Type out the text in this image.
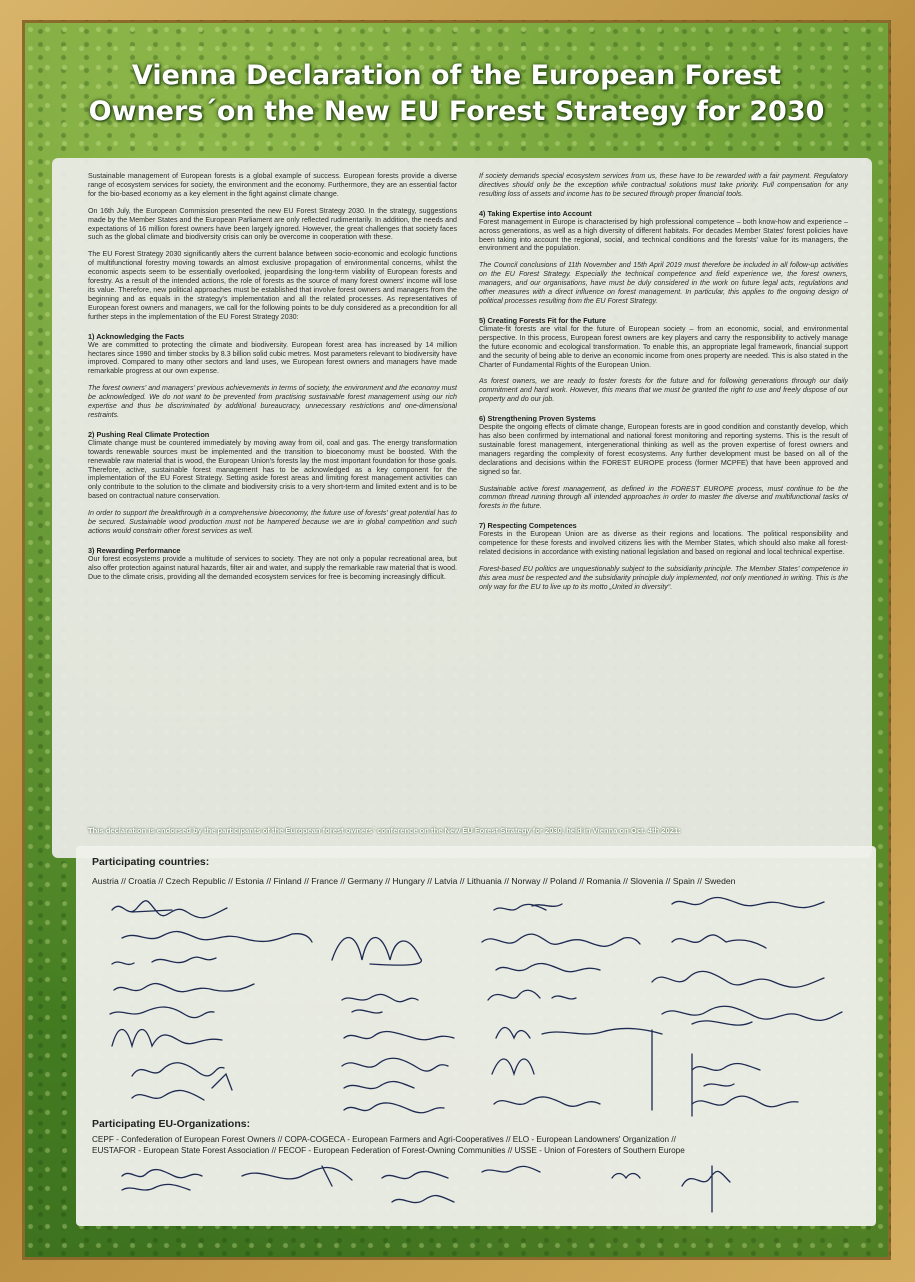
Vienna Declaration of the European Forest
Owners´on the New EU Forest Strategy for 2030

Sustainable management of European forests is a global example of success. European forests provide a diverse range of ecosystem services for society, the environment and the economy. Furthermore, they are an essential factor for the bio-based economy as a key element in the fight against climate change.

On 16th July, the European Commission presented the new EU Forest Strategy 2030. In the strategy, suggestions made by the Member States and the European Parliament are only reflected rudimentarily. In addition, the needs and expectations of 16 million forest owners have been largely ignored. However, the great challenges that society faces such as the global climate and biodiversity crisis can only be overcome in cooperation with these.

The EU Forest Strategy 2030 significantly alters the current balance between socio-economic and ecologic functions of multifunctional forestry moving towards an almost exclusive propagation of environmental concerns, whilst the economic aspects seem to be essentially overlooked, jeopardising the long-term viability of European forests and forestry. As a result of the intended actions, the role of forests as the source of many forest owners' income will lose its value. Therefore, new political approaches must be established that involve forest owners and managers from the beginning and as equals in the strategy's implementation and all the related processes. As representatives of European forest owners and managers, we call for the following points to be duly considered as a precondition for all further steps in the implementation of the EU Forest Strategy 2030:

1) Acknowledging the Facts

We are committed to protecting the climate and biodiversity. European forest area has increased by 14 million hectares since 1990 and timber stocks by 8.3 billion solid cubic metres. Most parameters relevant to biodiversity have improved. Compared to many other sectors and land uses, we European forest owners and managers have made remarkable progress at our own expense.

The forest owners' and managers' previous achievements in terms of society, the environment and the economy must be acknowledged. We do not want to be prevented from practising sustainable forest management using our rich expertise and thus be discriminated by additional bureaucracy, unnecessary restrictions and one-dimensional restraints.

2) Pushing Real Climate Protection

Climate change must be countered immediately by moving away from oil, coal and gas. The energy transformation towards renewable sources must be implemented and the transition to bioeconomy must be boosted. With the renewable raw material that is wood, the European Union's forests lay the most important foundation for those goals. Therefore, active, sustainable forest management has to be acknowledged as a key component for the implementation of the EU Forest Strategy. Setting aside forest areas and limiting forest management activities can only contribute to the solution to the climate and biodiversity crisis to a very short-term and limited extent and is to be based on contractual nature conservation.

In order to support the breakthrough in a comprehensive bioeconomy, the future use of forests' great potential has to be secured. Sustainable wood production must not be hampered because we are in global competition and such actions would constrain other forest services as well.

3) Rewarding Performance

Our forest ecosystems provide a multitude of services to society. They are not only a popular recreational area, but also offer protection against natural hazards, filter air and water, and supply the remarkable raw material that is wood. Due to the climate crisis, providing all the demanded ecosystem services for free is becoming increasingly difficult.

If society demands special ecosystem services from us, these have to be rewarded with a fair payment. Regulatory directives should only be the exception while contractual solutions must take priority. Full compensation for any resulting loss of assets and income has to be secured through proper financial tools.

4) Taking Expertise into Account

Forest management in Europe is characterised by high professional competence – both know-how and experience – across generations, as well as a high diversity of different habitats. For decades Member States' forest policies have been taking into account the regional, social, and technical conditions and the forests' value for its managers, the environment and the population.

The Council conclusions of 11th November and 15th April 2019 must therefore be included in all follow-up activities on the EU Forest Strategy. Especially the technical competence and field experience we, the forest owners, managers, and our organisations, have must be duly considered in the work on future legal acts, regulations and other measures with a direct influence on forest management. In particular, this applies to the ongoing design of political processes resulting from the EU Forest Strategy.

5) Creating Forests Fit for the Future

Climate-fit forests are vital for the future of European society – from an economic, social, and environmental perspective. In this process, European forest owners are key players and carry the responsibility to actively manage the future economic and ecological transformation. To enable this, an appropriate legal framework, financial support and the security of being able to derive an economic income from ones property are needed. This is also stated in the Charter of Fundamental Rights of the European Union.

As forest owners, we are ready to foster forests for the future and for following generations through our daily commitment and hard work. However, this means that we must be granted the right to use and freely dispose of our property and do our job.

6) Strengthening Proven Systems

Despite the ongoing effects of climate change, European forests are in good condition and constantly develop, which has also been confirmed by international and national forest monitoring and reporting systems. This is the result of sustainable forest management, intergenerational thinking as well as the proven expertise of forest owners and managers regarding the complexity of forest ecosystems. Any further development must be based on all of the declarations and decisions within the FOREST EUROPE process (former MCPFE) that have been approved and signed so far.

Sustainable active forest management, as defined in the FOREST EUROPE process, must continue to be the common thread running through all intended approaches in order to master the diverse and multifunctional tasks of forests in the future.

7) Respecting Competences

Forests in the European Union are as diverse as their regions and locations. The political responsibility and competence for these forests and involved citizens lies with the Member States, which should also make all forest-related decisions in accordance with existing national legislation and based on regional and local technical expertise.

Forest-based EU politics are unquestionably subject to the subsidiarity principle. The Member States' competence in this area must be respected and the subsidiarity principle duly implemented, not only mentioned in writing. This is the only way for the EU to live up to its motto „United in diversity“.

This declaration is endorsed by the participants of the European forest owners´ conference on the New EU Forest Strategy for 2030, held in Vienna on Oct. 4th 2021:

Participating countries:

Austria // Croatia // Czech Republic // Estonia // Finland // France // Germany // Hungary // Latvia // Lithuania // Norway // Poland // Romania // Slovenia // Spain // Sweden

Participating EU-Organizations:

CEPF - Confederation of European Forest Owners // COPA-COGECA - European Farmers and Agri-Cooperatives // ELO - European Landowners' Organization //
EUSTAFOR - European State Forest Association // FECOF - European Federation of Forest-Owning Communities // USSE - Union of Foresters of Southern Europe
